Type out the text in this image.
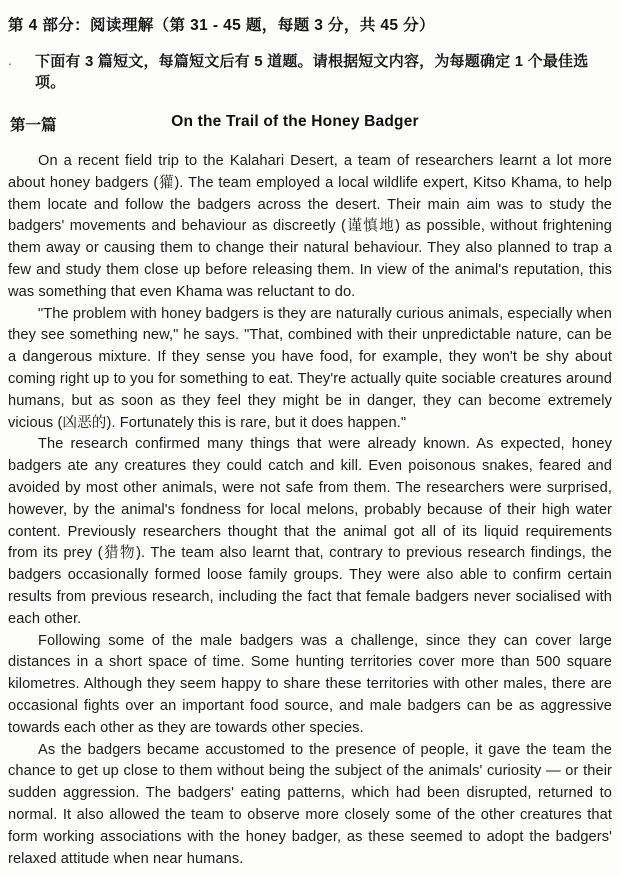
第 4 部分：阅读理解（第 31 - 45 题，每题 3 分，共 45 分）
. 下面有 3 篇短文，每篇短文后有 5 道题。请根据短文内容，为每题确定 1 个最佳选项。
第一篇	On the Trail of the Honey Badger

On a recent field trip to the Kalahari Desert, a team of researchers learnt a lot more about honey badgers (獾). The team employed a local wildlife expert, Kitso Khama, to help them locate and follow the badgers across the desert. Their main aim was to study the badgers' movements and behaviour as discreetly (谨慎地) as possible, without frightening them away or causing them to change their natural behaviour. They also planned to trap a few and study them close up before releasing them. In view of the animal's reputation, this was something that even Khama was reluctant to do.

"The problem with honey badgers is they are naturally curious animals, especially when they see something new," he says. "That, combined with their unpredictable nature, can be a dangerous mixture. If they sense you have food, for example, they won't be shy about coming right up to you for something to eat. They're actually quite sociable creatures around humans, but as soon as they feel they might be in danger, they can become extremely vicious (凶恶的). Fortunately this is rare, but it does happen."

The research confirmed many things that were already known. As expected, honey badgers ate any creatures they could catch and kill. Even poisonous snakes, feared and avoided by most other animals, were not safe from them. The researchers were surprised, however, by the animal's fondness for local melons, probably because of their high water content. Previously researchers thought that the animal got all of its liquid requirements from its prey (猎物). The team also learnt that, contrary to previous research findings, the badgers occasionally formed loose family groups. They were also able to confirm certain results from previous research, including the fact that female badgers never socialised with each other.

Following some of the male badgers was a challenge, since they can cover large distances in a short space of time. Some hunting territories cover more than 500 square kilometres. Although they seem happy to share these territories with other males, there are occasional fights over an important food source, and male badgers can be as aggressive towards each other as they are towards other species.

As the badgers became accustomed to the presence of people, it gave the team the chance to get up close to them without being the subject of the animals' curiosity — or their sudden aggression. The badgers' eating patterns, which had been disrupted, returned to normal. It also allowed the team to observe more closely some of the other creatures that form working associations with the honey badger, as these seemed to adopt the badgers' relaxed attitude when near humans.
